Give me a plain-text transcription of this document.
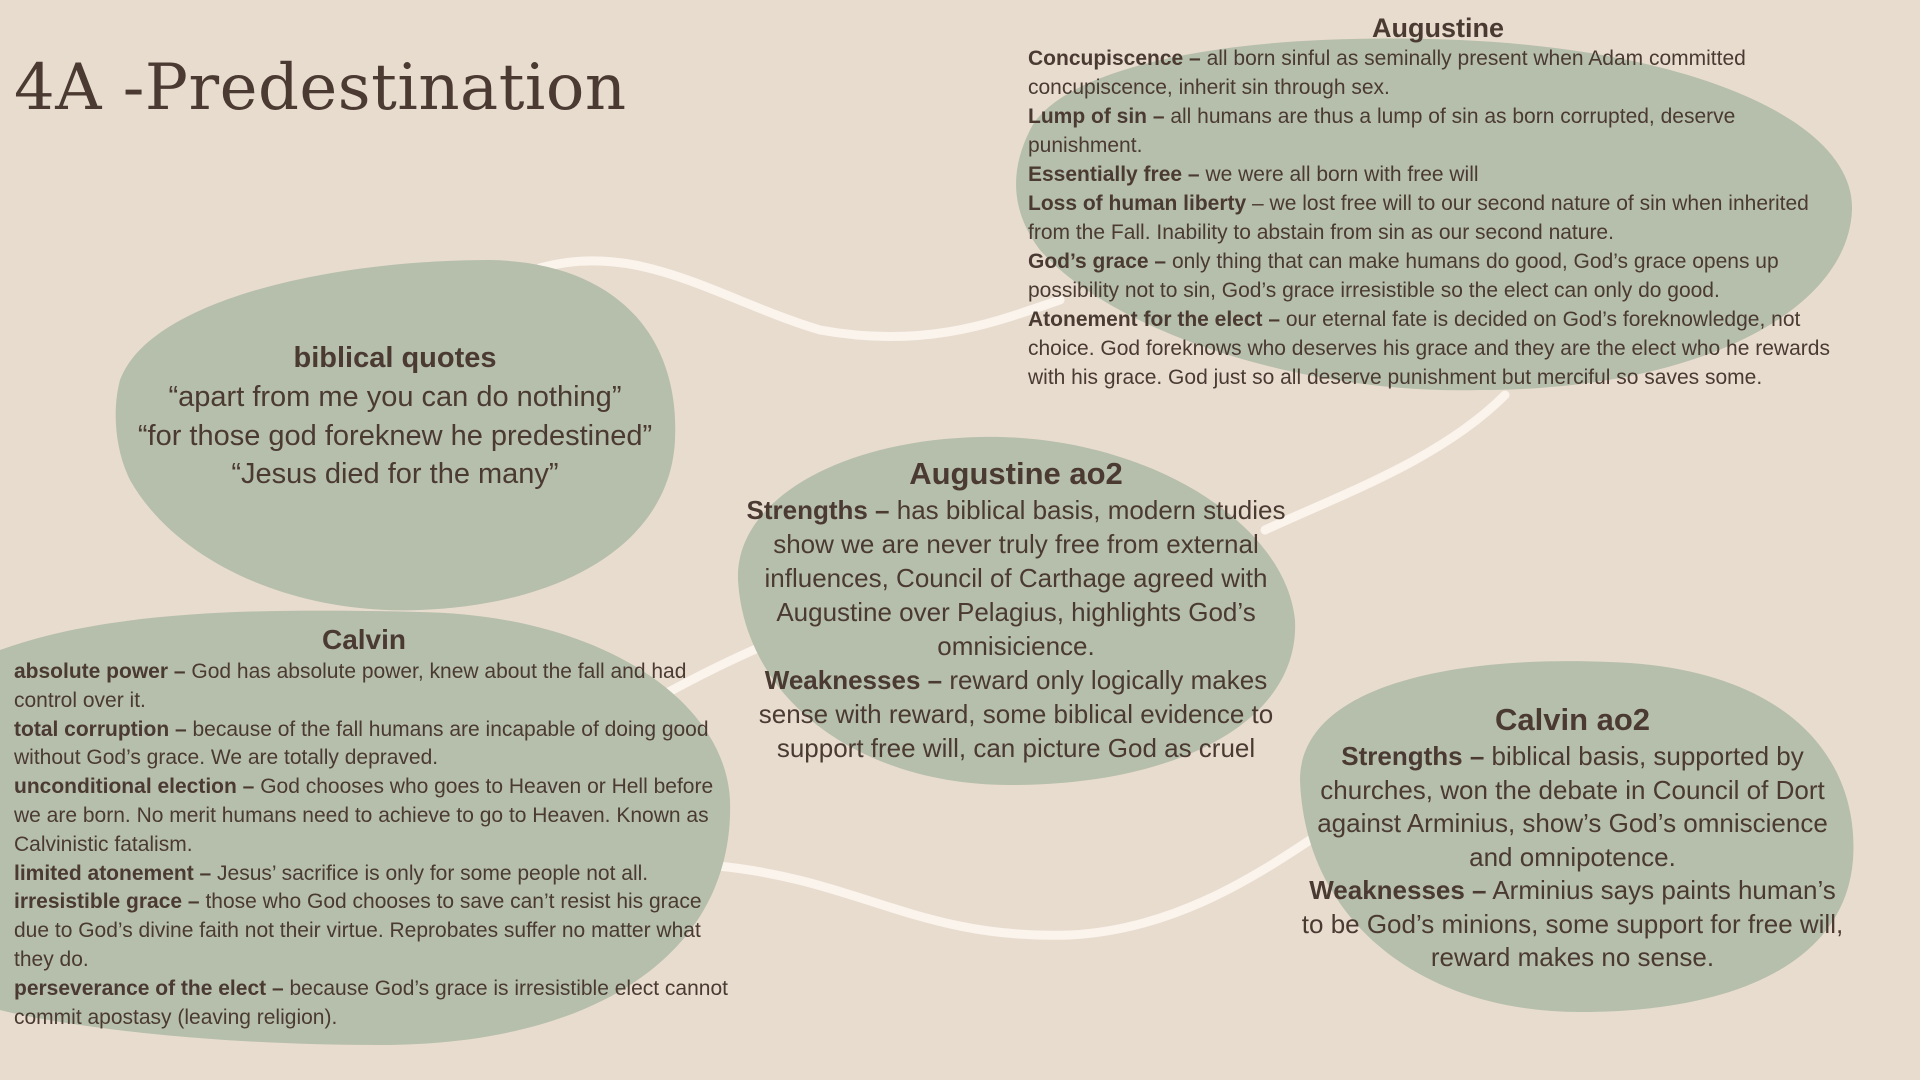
4A -Predestination
Augustine
Concupiscence – all born sinful as seminally present when Adam committed concupiscence, inherit sin through sex.
Lump of sin – all humans are thus a lump of sin as born corrupted, deserve punishment.
Essentially free – we were all born with free will
Loss of human liberty – we lost free will to our second nature of sin when inherited from the Fall. Inability to abstain from sin as our second nature.
God’s grace – only thing that can make humans do good, God’s grace opens up possibility not to sin, God’s grace irresistible so the elect can only do good.
Atonement for the elect – our eternal fate is decided on God’s foreknowledge, not choice. God foreknows who deserves his grace and they are the elect who he rewards with his grace. God just so all deserve punishment but merciful so saves some.
biblical quotes
“apart from me you can do nothing”
“for those god foreknew he predestined”
“Jesus died for the many”	Augustine ao2
Strengths – has biblical basis, modern studies show we are never truly free from external influences, Council of Carthage agreed with Augustine over Pelagius, highlights God’s omnisicience.
Weaknesses – reward only logically makes sense with reward, some biblical evidence to support free will, can picture God as cruel
Calvin
absolute power – God has absolute power, knew about the fall and had control over it.
total corruption – because of the fall humans are incapable of doing good without God’s grace. We are totally depraved.
unconditional election – God chooses who goes to Heaven or Hell before we are born. No merit humans need to achieve to go to Heaven. Known as Calvinistic fatalism.
limited atonement – Jesus’ sacrifice is only for some people not all.
irresistible grace – those who God chooses to save can’t resist his grace due to God’s divine faith not their virtue. Reprobates suffer no matter what they do.
perseverance of the elect – because God’s grace is irresistible elect cannot commit apostasy (leaving religion).
Calvin ao2
Strengths – biblical basis, supported by churches, won the debate in Council of Dort against Arminius, show’s God’s omniscience and omnipotence.
Weaknesses – Arminius says paints human’s to be God’s minions, some support for free will, reward makes no sense.
